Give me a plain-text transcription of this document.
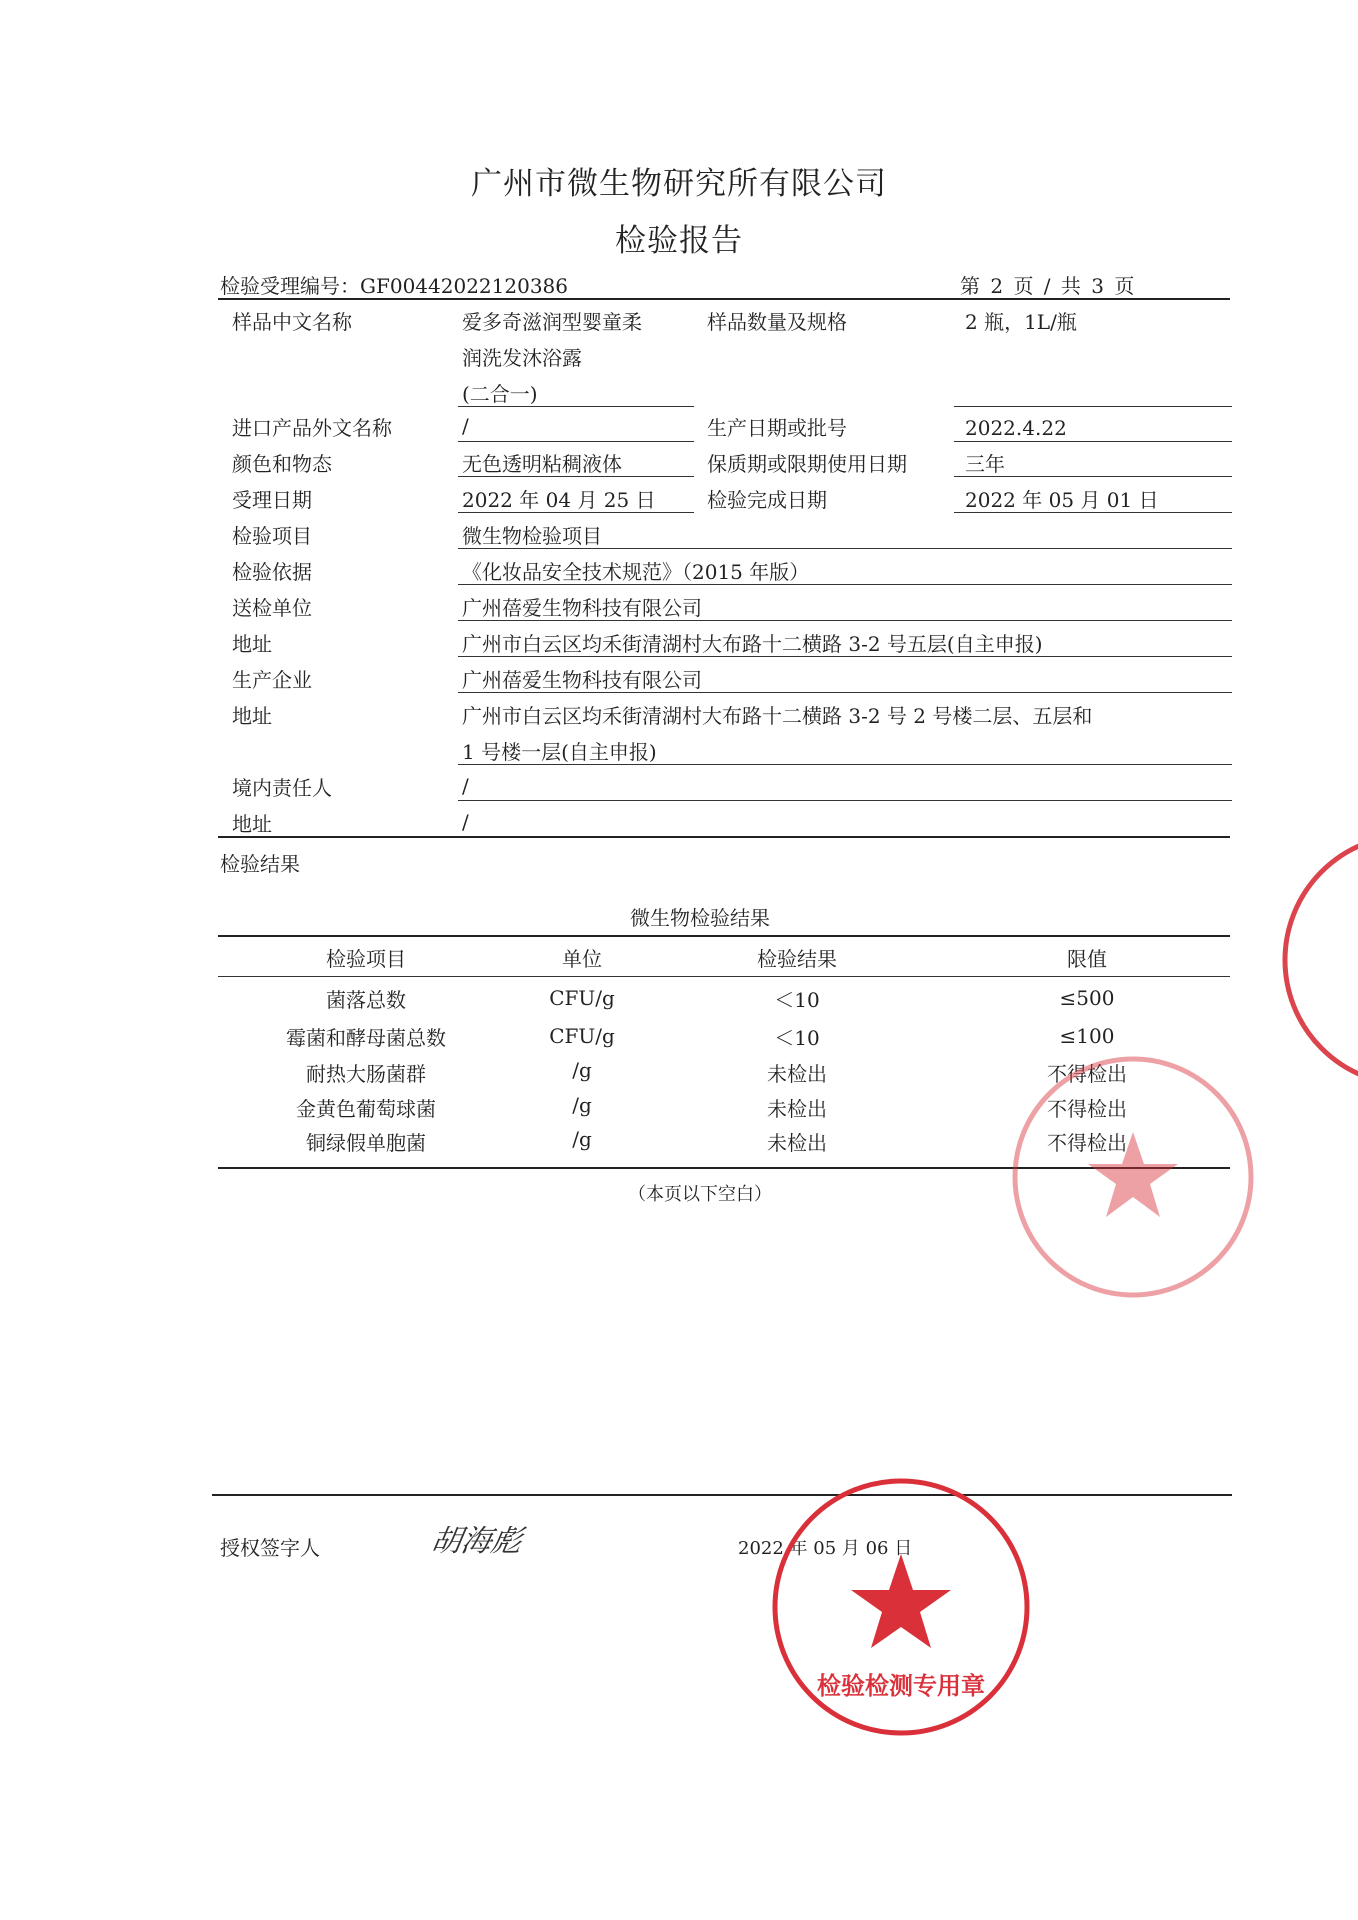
广州市微生物研究所有限公司
检验报告
检验受理编号：GF00442022120386	第 2 页 / 共 3 页
样品中文名称	爱多奇滋润型婴童柔
润洗发沐浴露
(二合一)
样品数量及规格	2 瓶，1L/瓶
进口产品外文名称	/	生产日期或批号	2022.4.22
颜色和物态	无色透明粘稠液体	保质期或限期使用日期	三年
受理日期	2022 年 04 月 25 日	检验完成日期	2022 年 05 月 01 日
检验项目	微生物检验项目
检验依据	《化妆品安全技术规范》（2015 年版）
送检单位	广州蓓爱生物科技有限公司
地址	广州市白云区均禾街清湖村大布路十二横路 3-2 号五层(自主申报)
生产企业	广州蓓爱生物科技有限公司
地址	广州市白云区均禾街清湖村大布路十二横路 3-2 号 2 号楼二层、五层和
1 号楼一层(自主申报)
境内责任人	/
地址	/
检验结果
微生物检验结果
检验项目	单位	检验结果	限值
菌落总数	CFU/g	＜10	≤500
霉菌和酵母菌总数	CFU/g	＜10	≤100
耐热大肠菌群	/g	未检出	不得检出
金黄色葡萄球菌	/g	未检出	不得检出
铜绿假单胞菌	/g	未检出	不得检出
（本页以下空白）
授权签字人	胡海彪	2022 年 05 月 06 日
检验检测专用章
